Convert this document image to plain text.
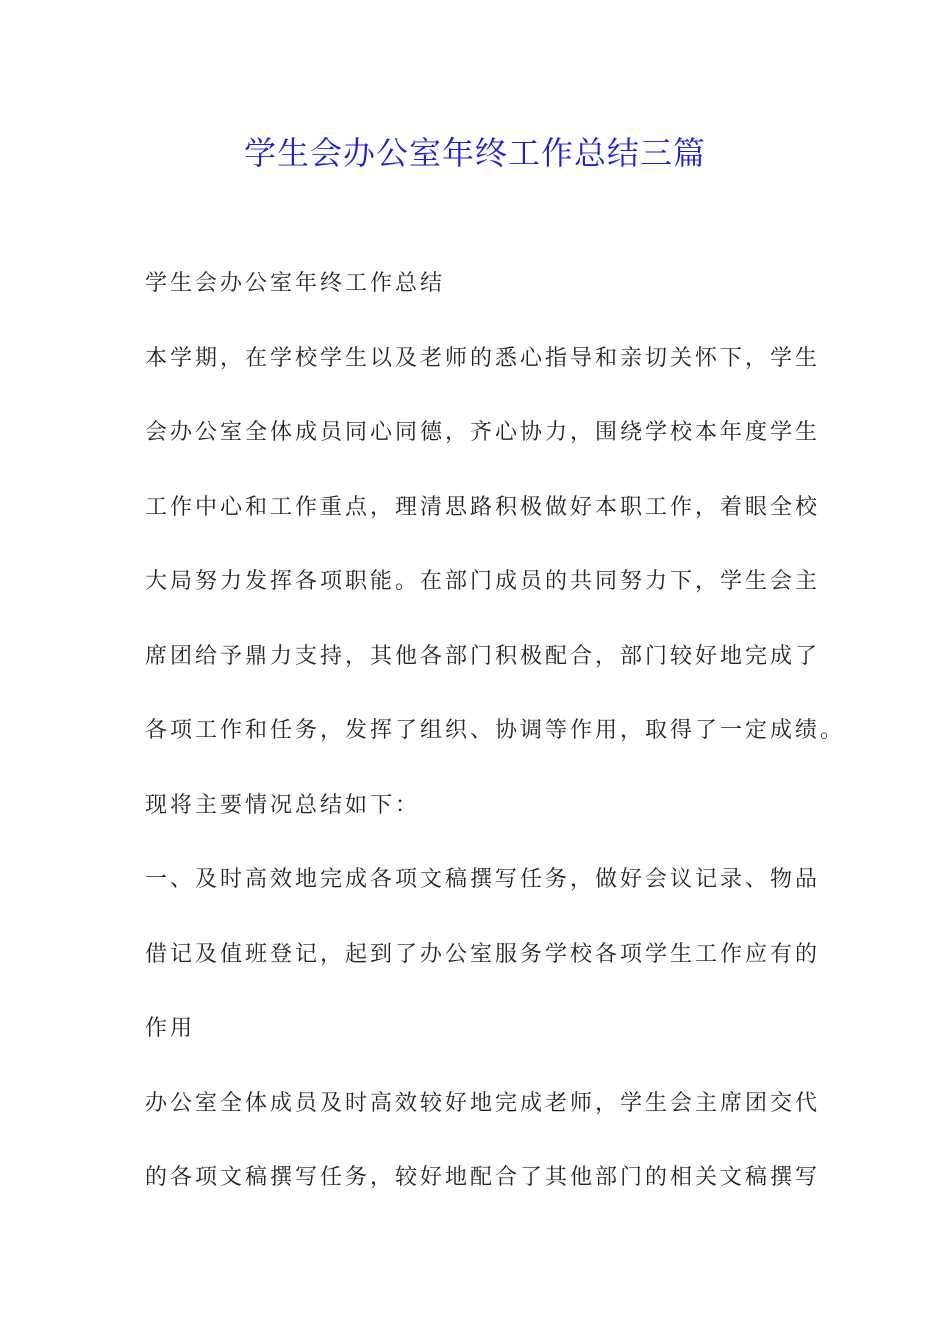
学生会办公室年终工作总结三篇
学生会办公室年终工作总结
本学期，在学校学生以及老师的悉心指导和亲切关怀下，学生
会办公室全体成员同心同德，齐心协力，围绕学校本年度学生
工作中心和工作重点，理清思路积极做好本职工作，着眼全校
大局努力发挥各项职能。在部门成员的共同努力下，学生会主
席团给予鼎力支持，其他各部门积极配合，部门较好地完成了
各项工作和任务，发挥了组织、协调等作用，取得了一定成绩。
现将主要情况总结如下：
一、及时高效地完成各项文稿撰写任务，做好会议记录、物品
借记及值班登记，起到了办公室服务学校各项学生工作应有的
作用
办公室全体成员及时高效较好地完成老师，学生会主席团交代
的各项文稿撰写任务，较好地配合了其他部门的相关文稿撰写
